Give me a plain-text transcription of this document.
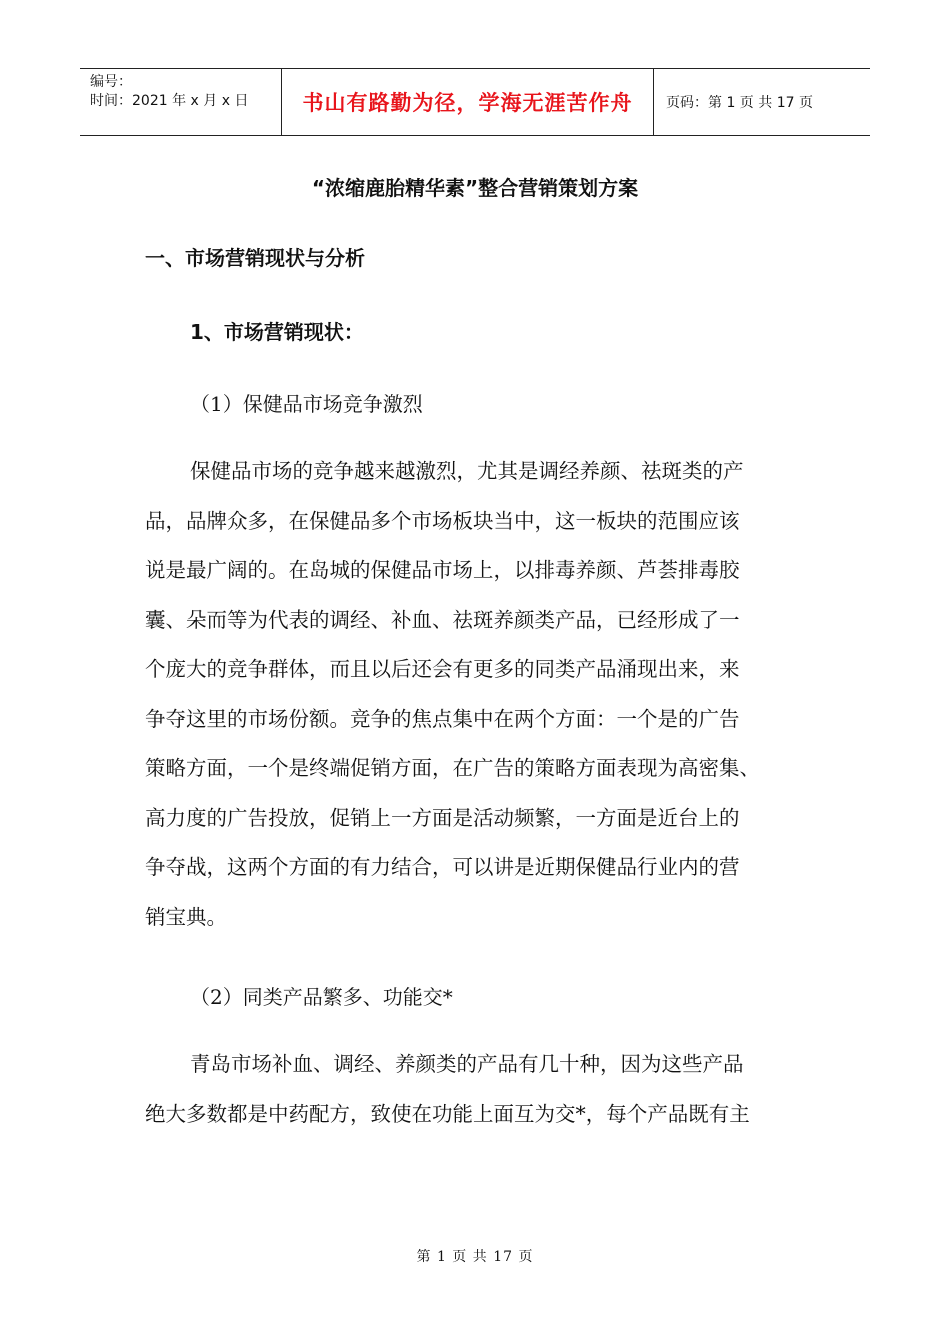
编号：
时间：2021 年 x 月 x 日	书山有路勤为径，学海无涯苦作舟 页码：第 1 页 共 17 页
“浓缩鹿胎精华素”整合营销策划方案
一、市场营销现状与分析
1、市场营销现状：
（1）保健品市场竞争激烈
保健品市场的竞争越来越激烈，尤其是调经养颜、祛斑类的产
品，品牌众多，在保健品多个市场板块当中，这一板块的范围应该
说是最广阔的。在岛城的保健品市场上，以排毒养颜、芦荟排毒胶
囊、朵而等为代表的调经、补血、祛斑养颜类产品，已经形成了一
个庞大的竞争群体，而且以后还会有更多的同类产品涌现出来，来
争夺这里的市场份额。竞争的焦点集中在两个方面：一个是的广告
策略方面，一个是终端促销方面，在广告的策略方面表现为高密集、
高力度的广告投放，促销上一方面是活动频繁，一方面是近台上的
争夺战，这两个方面的有力结合，可以讲是近期保健品行业内的营
销宝典。
（2）同类产品繁多、功能交*
青岛市场补血、调经、养颜类的产品有几十种，因为这些产品
绝大多数都是中药配方，致使在功能上面互为交*，每个产品既有主
第 1 页 共 17 页
